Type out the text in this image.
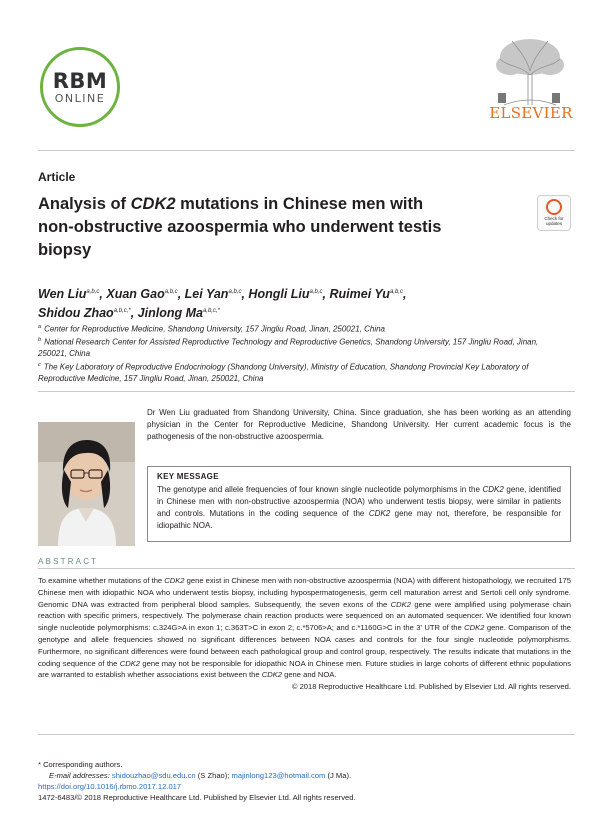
RBM
ONLINE
ELSEVIER
Article
Analysis of CDK2 mutations in Chinese men with non-obstructive azoospermia who underwent testis biopsy
Check for
updates
Wen Liu$^{a,b,c}$, Xuan Gao$^{a,b,c}$, Lei Yan$^{a,b,c}$, Hongli Liu$^{a,b,c}$, Ruimei Yu$^{a,b,c}$,
Shidou Zhao$^{a,b,c,*}$, Jinlong $Ma^{a,b,c,*}$
$^a$ Center for Reproductive Medicine, Shandong University, 157 Jingliu Road, Jinan, 250021, China
$^b$ National Research Center for Assisted Reproductive Technology and Reproductive Genetics, Shandong University, 157 Jingliu Road, Jinan, 250021, China
$^c$ The Key Laboratory of Reproductive Endocrinology (Shandong University), Ministry of Education, Shandong Provincial Key Laboratory of Reproductive Medicine, 157 Jingliu Road, Jinan, 250021, China
Dr Wen Liu graduated from Shandong University, China. Since graduation, she has been working as an attending physician in the Center for Reproductive Medicine, Shandong University. Her current academic focus is the pathogenesis of the non-obstructive azoospermia.
KEY MESSAGE
The genotype and allele frequencies of four known single nucleotide polymorphisms in the CDK2 gene, identified in Chinese men with non-obstructive azoospermia (NOA) who underwent testis biopsy, were similar in patients and controls. Mutations in the coding sequence of the CDK2 gene may not, therefore, be responsible for idiopathic NOA.
ABSTRACT
To examine whether mutations of the CDK2 gene exist in Chinese men with non-obstructive azoospermia (NOA) with different histopathology, we recruited 175 Chinese men with idiopathic NOA who underwent testis biopsy, including hypospermatogenesis, germ cell maturation arrest and Sertoli cell only syndrome. Genomic DNA was extracted from peripheral blood samples. Subsequently, the seven exons of the CDK2 gene were amplified using polymerase chain reaction with specific primers, respectively. The polymerase chain reaction products were sequenced on an automated sequencer. We identified four known single nucleotide polymorphisms: c.324G>A in exon 1; c.363T>C in exon 2; c.*5706>A; and c.*1160G>C in the 3' UTR of the CDK2 gene. Comparison of the genotype and allele frequencies showed no significant differences between NOA cases and controls for the four single nucleotide polymorphisms. Furthermore, no significant differences were found between each pathological group and control group, respectively. The results indicate that mutations in the coding sequence of the CDK2 gene may not be responsible for idiopathic NOA in Chinese men. Future studies in large cohorts of different ethnic populations are warranted to establish whether associations exist between the CDK2 gene and NOA.
© 2018 Reproductive Healthcare Ltd. Published by Elsevier Ltd. All rights reserved.
* Corresponding authors.
E-mail addresses: shidouzhao@sdu.edu.cn (S Zhao); majinlong123@hotmail.com (J Ma).
https://doi.org/10.1016/j.rbmo.2017.12.017
1472-6483/© 2018 Reproductive Healthcare Ltd. Published by Elsevier Ltd. All rights reserved.
